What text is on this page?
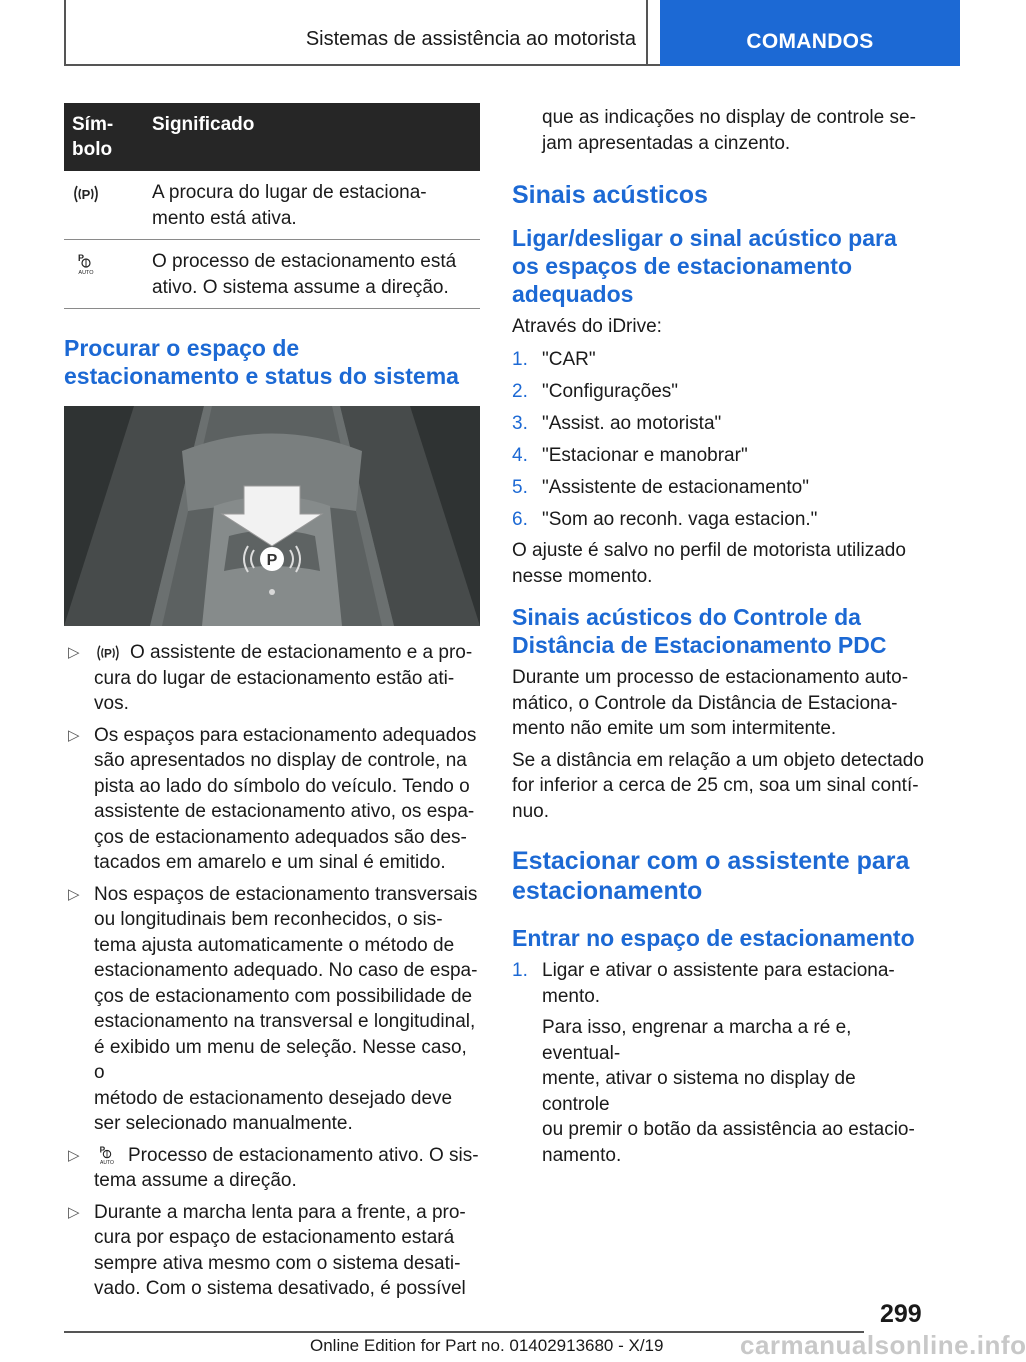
Sistemas de assistência ao motorista	COMANDOS
Sím-
bolo	Significado

P	A procura do lugar de estaciona-
mento está ativa.

P
AUTO	O processo de estacionamento está
ativo. O sistema assume a direção.
Procurar o espaço de
estacionamento e status do sistema
P
▷ P O assistente de estacionamento e a pro-
cura do lugar de estacionamento estão ati-
vos.
▷ Os espaços para estacionamento adequados
são apresentados no display de controle, na
pista ao lado do símbolo do veículo. Tendo o
assistente de estacionamento ativo, os espa-
ços de estacionamento adequados são des-
tacados em amarelo e um sinal é emitido.
▷ Nos espaços de estacionamento transversais
ou longitudinais bem reconhecidos, o sis-
tema ajusta automaticamente o método de
estacionamento adequado. No caso de espa-
ços de estacionamento com possibilidade de
estacionamento na transversal e longitudinal,
é exibido um menu de seleção. Nesse caso, o
método de estacionamento desejado deve
ser selecionado manualmente.
▷ P
AUTO Processo de estacionamento ativo. O sis-
tema assume a direção.
▷ Durante a marcha lenta para a frente, a pro-
cura por espaço de estacionamento estará
sempre ativa mesmo com o sistema desati-
vado. Com o sistema desativado, é possível
que as indicações no display de controle se-
jam apresentadas a cinzento.
Sinais acústicos
Ligar/desligar o sinal acústico para
os espaços de estacionamento
adequados
Através do iDrive:
1. "CAR"
2. "Configurações"
3. "Assist. ao motorista"
4. "Estacionar e manobrar"
5. "Assistente de estacionamento"
6. "Som ao reconh. vaga estacion."
O ajuste é salvo no perfil de motorista utilizado
nesse momento.
Sinais acústicos do Controle da
Distância de Estacionamento PDC
Durante um processo de estacionamento auto-
mático, o Controle da Distância de Estaciona-
mento não emite um som intermitente.
Se a distância em relação a um objeto detectado
for inferior a cerca de 25 cm, soa um sinal contí-
nuo.
Estacionar com o assistente para
estacionamento
Entrar no espaço de estacionamento
1. Ligar e ativar o assistente para estaciona-
mento.
Para isso, engrenar a marcha a ré e, eventual-
mente, ativar o sistema no display de controle
ou premir o botão da assistência ao estacio-
namento.
299
carmanualsonline.info
Online Edition for Part no. 01402913680 - X/19
